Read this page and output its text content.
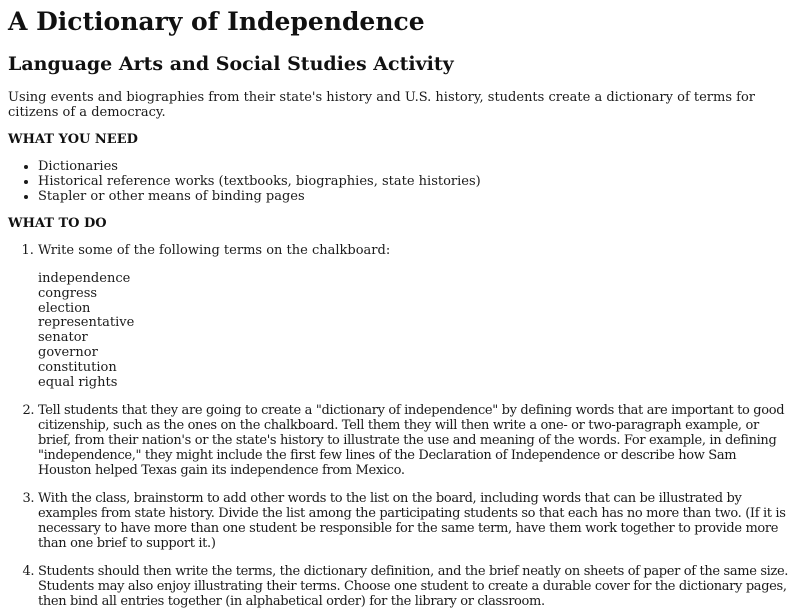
A Dictionary of Independence
Language Arts and Social Studies Activity

Using events and biographies from their state's history and U.S. history, students create a dictionary of terms for citizens of a democracy.

WHAT YOU NEED
• Dictionaries
• Historical reference works (textbooks, biographies, state histories)
• Stapler or other means of binding pages
WHAT TO DO
1. Write some of the following terms on the chalkboard:
independence
congress
election
representative
senator
governor
constitution
equal rights
2. Tell students that they are going to create a "dictionary of independence" by defining words that are important to good citizenship, such as the ones on the chalkboard. Tell them they will then write a one- or two-paragraph example, or brief, from their nation's or the state's history to illustrate the use and meaning of the words. For example, in defining "independence," they might include the first few lines of the Declaration of Independence or describe how Sam Houston helped Texas gain its independence from Mexico.
3. With the class, brainstorm to add other words to the list on the board, including words that can be illustrated by examples from state history. Divide the list among the participating students so that each has no more than two. (If it is necessary to have more than one student be responsible for the same term, have them work together to provide more than one brief to support it.)
4. Students should then write the terms, the dictionary definition, and the brief neatly on sheets of paper of the same size. Students may also enjoy illustrating their terms. Choose one student to create a durable cover for the dictionary pages, then bind all entries together (in alphabetical order) for the library or classroom.
